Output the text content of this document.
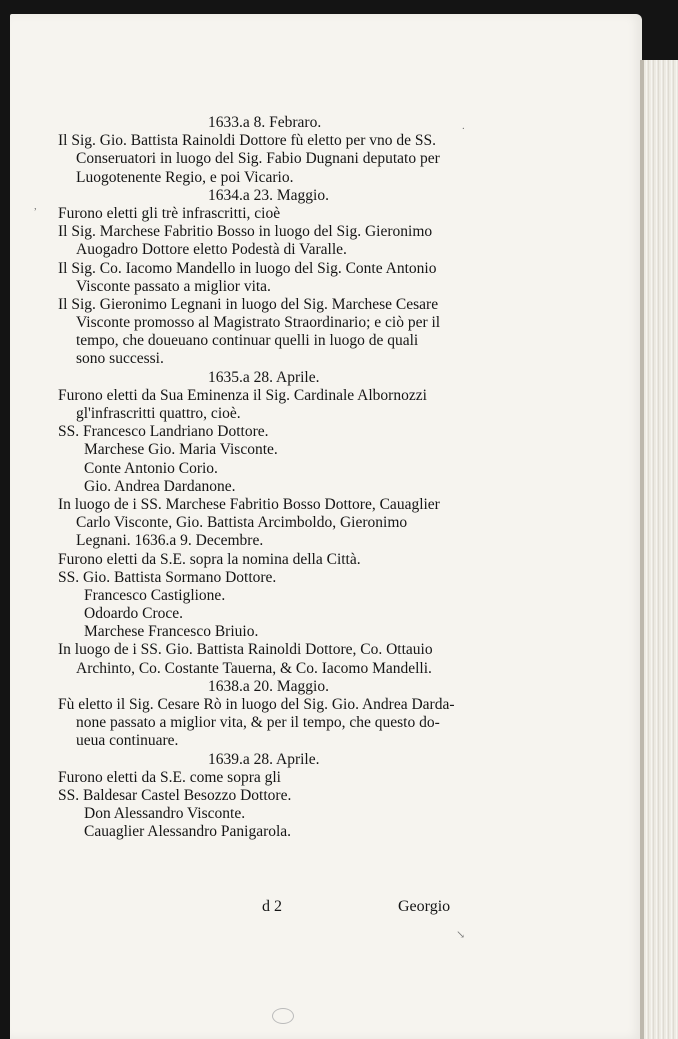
1633.a 8. Febraro.
Il Sig. Gio. Battista Rainoldi Dottore fù eletto per vno de SS.
Conseruatori in luogo del Sig. Fabio Dugnani deputato per
Luogotenente Regio, e poi Vicario.
1634.a 23. Maggio.
Furono eletti gli trè infrascritti, cioè
Il Sig. Marchese Fabritio Bosso in luogo del Sig. Gieronimo
Auogadro Dottore eletto Podestà di Varalle.
Il Sig. Co. Iacomo Mandello in luogo del Sig. Conte Antonio
Visconte passato a miglior vita.
Il Sig. Gieronimo Legnani in luogo del Sig. Marchese Cesare
Visconte promosso al Magistrato Straordinario; e ciò per il
tempo, che doueuano continuar quelli in luogo de quali
sono successi.
1635.a 28. Aprile.
Furono eletti da Sua Eminenza il Sig. Cardinale Albornozzi
gl'infrascritti quattro, cioè.
SS. Francesco Landriano Dottore.
Marchese Gio. Maria Visconte.
Conte Antonio Corio.
Gio. Andrea Dardanone.
In luogo de i SS. Marchese Fabritio Bosso Dottore, Cauaglier
Carlo Visconte, Gio. Battista Arcimboldo, Gieronimo
Legnani. 1636.a 9. Decembre.
Furono eletti da S.E. sopra la nomina della Città.
SS. Gio. Battista Sormano Dottore.
Francesco Castiglione.
Odoardo Croce.
Marchese Francesco Briuio.
In luogo de i SS. Gio. Battista Rainoldi Dottore, Co. Ottauio
Archinto, Co. Costante Tauerna, & Co. Iacomo Mandelli.
1638.a 20. Maggio.
Fù eletto il Sig. Cesare Rò in luogo del Sig. Gio. Andrea Darda-
none passato a miglior vita, & per il tempo, che questo do-
ueua continuare.
1639.a 28. Aprile.
Furono eletti da S.E. come sopra gli
SS. Baldesar Castel Besozzo Dottore.
Don Alessandro Visconte.
Cauaglier Alessandro Panigarola.
d 2	Georgio
,
.
↘
